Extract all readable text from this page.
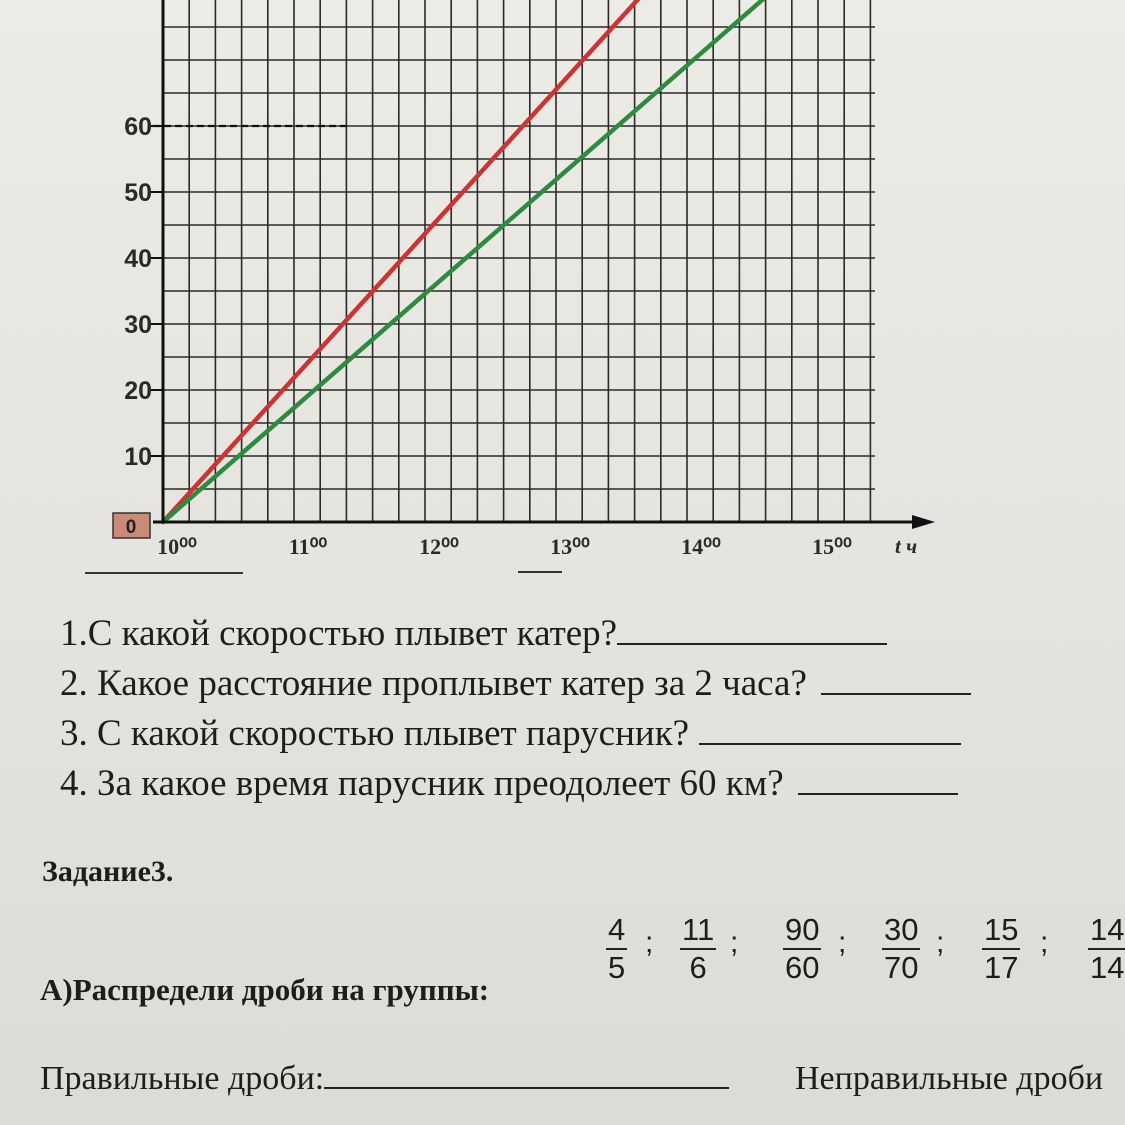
0
10
20
30
40
50
60
10⁰⁰	11⁰⁰	12⁰⁰	13⁰⁰	14⁰⁰	15⁰⁰ t ч
1.С какой скоростью плывет катер?
2. Какое расстояние проплывет катер за 2 часа?
3. С какой скоростью плывет парусник?
4. За какое время парусник преодолеет 60 км?
Задание3.
А)Распредели дроби на группы:
$\frac{4}{5}$ ; $\frac{11}{6}$ ; $\frac{90}{60}$ ; $\frac{30}{70}$ ; $\frac{15}{17}$ ; $\frac{14}{14}$
Правильные дроби:	Неправильные дроби
